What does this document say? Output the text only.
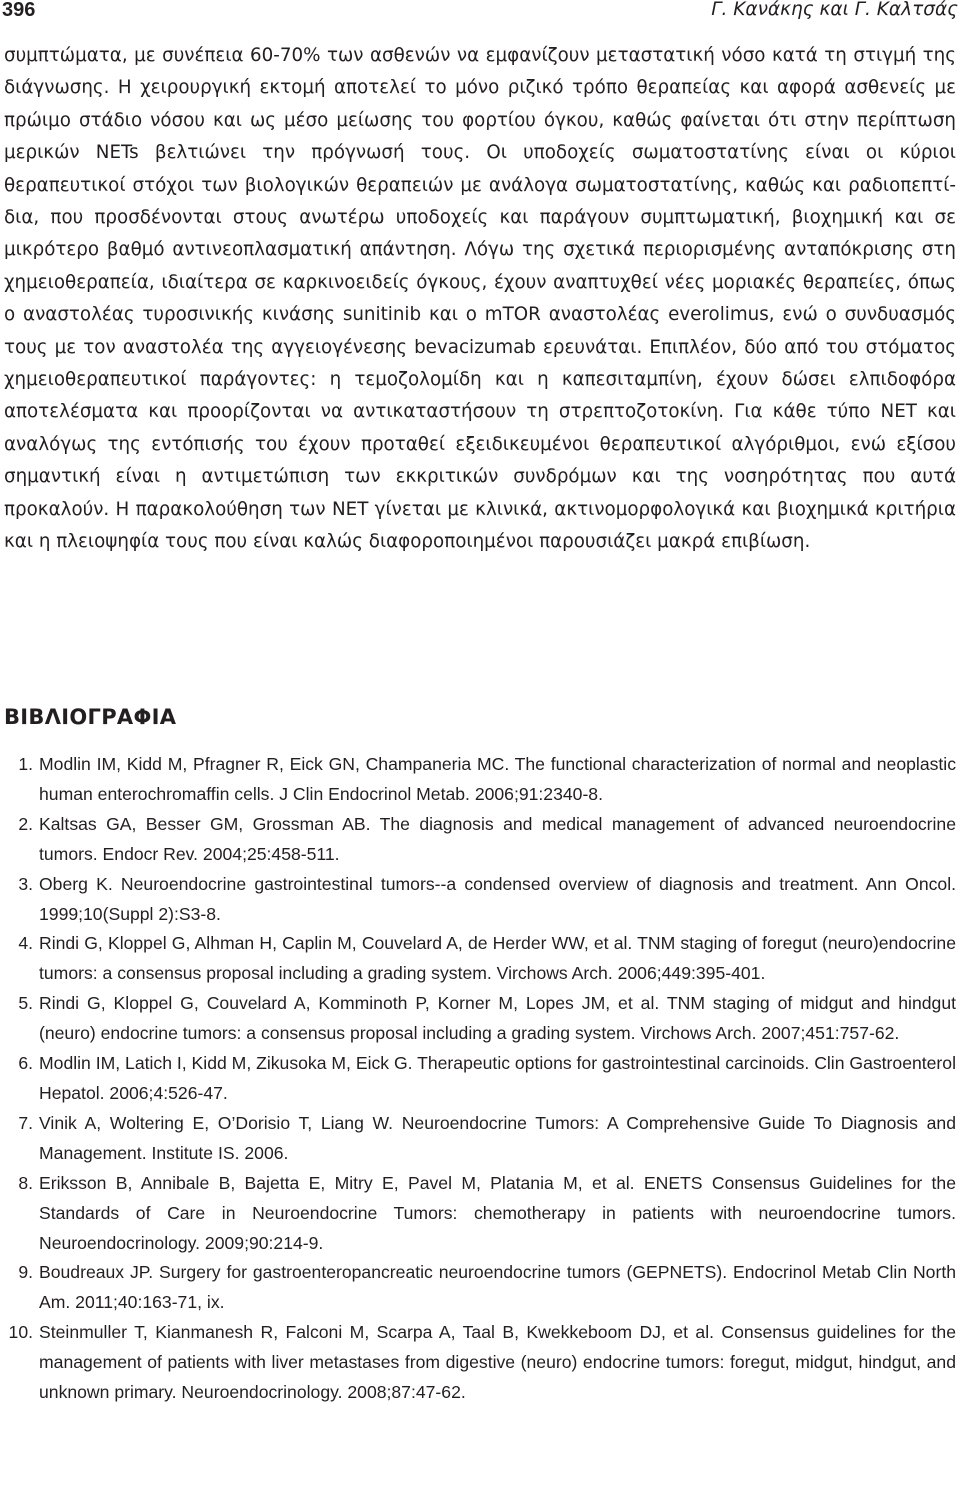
396	Γ. Κανάκης και Γ. Καλτσάς

συμπτώματα, με συνέπεια 60-70% των ασθενών να εμφανίζουν μεταστατική νόσο κατά τη στιγμή της διάγνωσης. Η χειρουργική εκτομή αποτελεί το μόνο ριζικό τρόπο θεραπείας και αφορά ασθενείς με πρώιμο στάδιο νόσου και ως μέσο μείωσης του φορτίου όγκου, καθώς φαίνεται ότι στην περίπτωση μερικών NETs βελτιώνει την πρόγνωσή τους. Οι υποδοχείς σωματοστατίνης είναι οι κύριοι θεραπευτικοί στόχοι των βιολογικών θεραπειών με ανάλογα σωματοστατίνης, καθώς και ραδιοπεπτίδια, που προσδένονται στους ανωτέρω υποδοχείς και παράγουν συμπτωματική, βιοχημική και σε μικρότερο βαθμό αντινεοπλασματική απάντηση. Λόγω της σχετικά περιορισμένης ανταπόκρισης στη χημειοθεραπεία, ιδιαίτερα σε καρκινοειδείς όγκους, έχουν αναπτυχθεί νέες μοριακές θεραπείες, όπως ο αναστολέας τυροσινικής κινάσης sunitinib και ο mTOR αναστολέας everolimus, ενώ ο συνδυασμός τους με τον αναστολέα της αγγειογένεσης bevacizumab ερευνάται. Επιπλέον, δύο από του στόματος χημειοθεραπευτικοί παράγοντες: η τεμοζολομίδη και η καπεσιταμπίνη, έχουν δώσει ελπιδοφόρα αποτελέσματα και προορίζονται να αντικαταστήσουν τη στρεπτοζοτοκίνη. Για κάθε τύπο NET και αναλόγως της εντόπισής του έχουν προταθεί εξειδικευμένοι θεραπευτικοί αλγόριθμοι, ενώ εξίσου σημαντική είναι η αντιμετώπιση των εκκριτικών συνδρόμων και της νοσηρότητας που αυτά προκαλούν. Η παρακολούθηση των NET γίνεται με κλινικά, ακτινομορφολογικά και βιοχημικά κριτήρια και η πλειοψηφία τους που είναι καλώς διαφοροποιημένοι παρουσιάζει μακρά επιβίωση.

ΒΙΒΛΙΟΓΡΑΦΙΑ
1. Modlin IM, Kidd M, Pfragner R, Eick GN, Champaneria MC. The functional characterization of normal and neoplastic human enterochromaffin cells. J Clin Endocrinol Metab. 2006;91:2340-8.
2. Kaltsas GA, Besser GM, Grossman AB. The diagnosis and medical management of advanced neuroendocrine tumors. Endocr Rev. 2004;25:458-511.
3. Oberg K. Neuroendocrine gastrointestinal tumors--a condensed overview of diagnosis and treatment. Ann Oncol. 1999;10(Suppl 2):S3-8.
4. Rindi G, Kloppel G, Alhman H, Caplin M, Couvelard A, de Herder WW, et al. TNM staging of foregut (neuro)endocrine tumors: a consensus proposal including a grading system. Virchows Arch. 2006;449:395-401.
5. Rindi G, Kloppel G, Couvelard A, Komminoth P, Korner M, Lopes JM, et al. TNM staging of midgut and hindgut (neuro) endocrine tumors: a consensus proposal including a grading system. Virchows Arch. 2007;451:757-62.
6. Modlin IM, Latich I, Kidd M, Zikusoka M, Eick G. Therapeutic options for gastrointestinal carcinoids. Clin Gastroenterol Hepatol. 2006;4:526-47.
7. Vinik A, Woltering E, O’Dorisio T, Liang W. Neuroendocrine Tumors: A Comprehensive Guide To Diagnosis and Management. Institute IS. 2006.
8. Eriksson B, Annibale B, Bajetta E, Mitry E, Pavel M, Platania M, et al. ENETS Consensus Guidelines for the Standards of Care in Neuroendocrine Tumors: chemotherapy in patients with neuroendocrine tumors. Neuroendocrinology. 2009;90:214-9.
9. Boudreaux JP. Surgery for gastroenteropancreatic neuroendocrine tumors (GEPNETS). Endocrinol Metab Clin North Am. 2011;40:163-71, ix.
10. Steinmuller T, Kianmanesh R, Falconi M, Scarpa A, Taal B, Kwekkeboom DJ, et al. Consensus guidelines for the management of patients with liver metastases from digestive (neuro) endocrine tumors: foregut, midgut, hindgut, and unknown primary. Neuroendocrinology. 2008;87:47-62.
